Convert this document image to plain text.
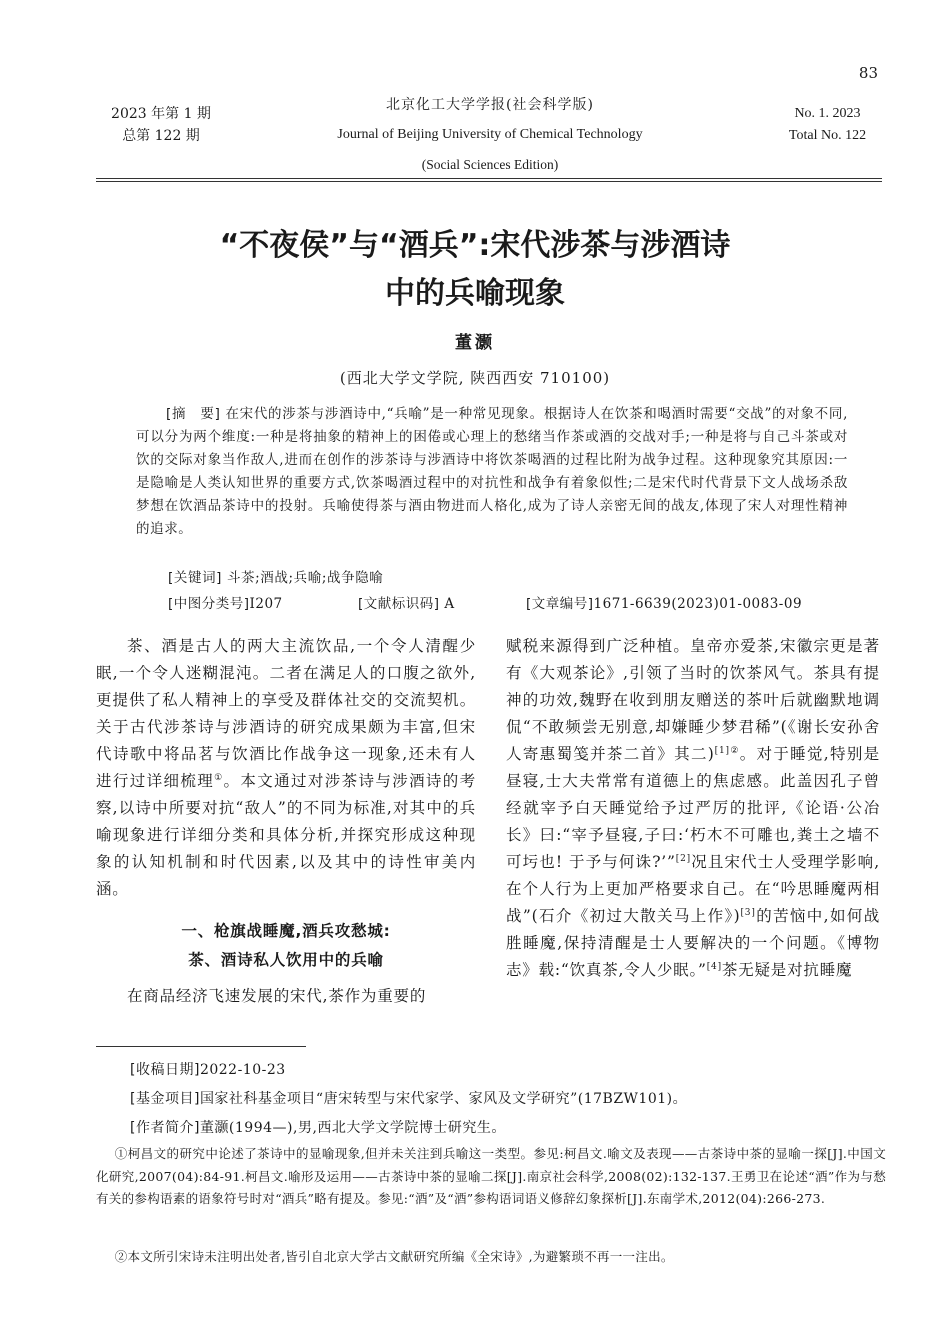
83
2023 年第 1 期
总第 122 期
北京化工大学学报(社会科学版)
Journal of Beijing University of Chemical Technology
(Social Sciences Edition)
No. 1. 2023
Total No. 122
“不夜侯”与“酒兵”:宋代涉茶与涉酒诗
中的兵喻现象
董灏
(西北大学文学院, 陕西西安 710100)
[摘　要] 在宋代的涉茶与涉酒诗中,“兵喻”是一种常见现象。根据诗人在饮茶和喝酒时需要“交战”的对象不同,可以分为两个维度:一种是将抽象的精神上的困倦或心理上的愁绪当作茶或酒的交战对手;一种是将与自己斗茶或对饮的交际对象当作敌人,进而在创作的涉茶诗与涉酒诗中将饮茶喝酒的过程比附为战争过程。这种现象究其原因:一是隐喻是人类认知世界的重要方式,饮茶喝酒过程中的对抗性和战争有着象似性;二是宋代时代背景下文人战场杀敌梦想在饮酒品茶诗中的投射。兵喻使得茶与酒由物进而人格化,成为了诗人亲密无间的战友,体现了宋人对理性精神的追求。
[关键词] 斗茶;酒战;兵喻;战争隐喻
[中图分类号]I207	[文献标识码] A	[文章编号]1671-6639(2023)01-0083-09

茶、酒是古人的两大主流饮品,一个令人清醒少眠,一个令人迷糊混沌。二者在满足人的口腹之欲外,更提供了私人精神上的享受及群体社交的交流契机。关于古代涉茶诗与涉酒诗的研究成果颇为丰富,但宋代诗歌中将品茗与饮酒比作战争这一现象,还未有人进行过详细梳理①。本文通过对涉茶诗与涉酒诗的考察,以诗中所要对抗“敌人”的不同为标准,对其中的兵喻现象进行详细分类和具体分析,并探究形成这种现象的认知机制和时代因素,以及其中的诗性审美内涵。

一、枪旗战睡魔,酒兵攻愁城:
茶、酒诗私人饮用中的兵喻

在商品经济飞速发展的宋代,茶作为重要的

赋税来源得到广泛种植。皇帝亦爱茶,宋徽宗更是著有《大观茶论》,引领了当时的饮茶风气。茶具有提神的功效,魏野在收到朋友赠送的茶叶后就幽默地调侃“不敢频尝无别意,却嫌睡少梦君稀”(《谢长安孙舍人寄惠蜀笺并茶二首》其二)$^{[1]②}$。对于睡觉,特别是昼寝,士大夫常常有道德上的焦虑感。此盖因孔子曾经就宰予白天睡觉给予过严厉的批评,《论语·公冶长》曰:“宰予昼寝,子曰:‘朽木不可雕也,粪土之墙不可圬也! 于予与何诛?’”[2]况且宋代士人受理学影响,在个人行为上更加严格要求自己。在“吟思睡魔两相战”(石介《初过大散关马上作》)[3]的苦恼中,如何战胜睡魔,保持清醒是士人要解决的一个问题。《博物志》载:“饮真茶,令人少眠。”[4]茶无疑是对抗睡魔

[收稿日期]2022-10-23
[基金项目]国家社科基金项目“唐宋转型与宋代家学、家风及文学研究”(17BZW101)。
[作者简介]董灏(1994—),男,西北大学文学院博士研究生。
①柯昌文的研究中论述了茶诗中的显喻现象,但并未关注到兵喻这一类型。参见:柯昌文.喻文及表现——古茶诗中茶的显喻一探[J].中国文化研究,2007(04):84-91.柯昌文.喻形及运用——古茶诗中茶的显喻二探[J].南京社会科学,2008(02):132-137.王勇卫在论述“酒”作为与愁有关的参构语素的语象符号时对“酒兵”略有提及。参见:“酒”及“酒”参构语词语义修辞幻象探析[J].东南学术,2012(04):266-273.
②本文所引宋诗未注明出处者,皆引自北京大学古文献研究所编《全宋诗》,为避繁琐不再一一注出。
